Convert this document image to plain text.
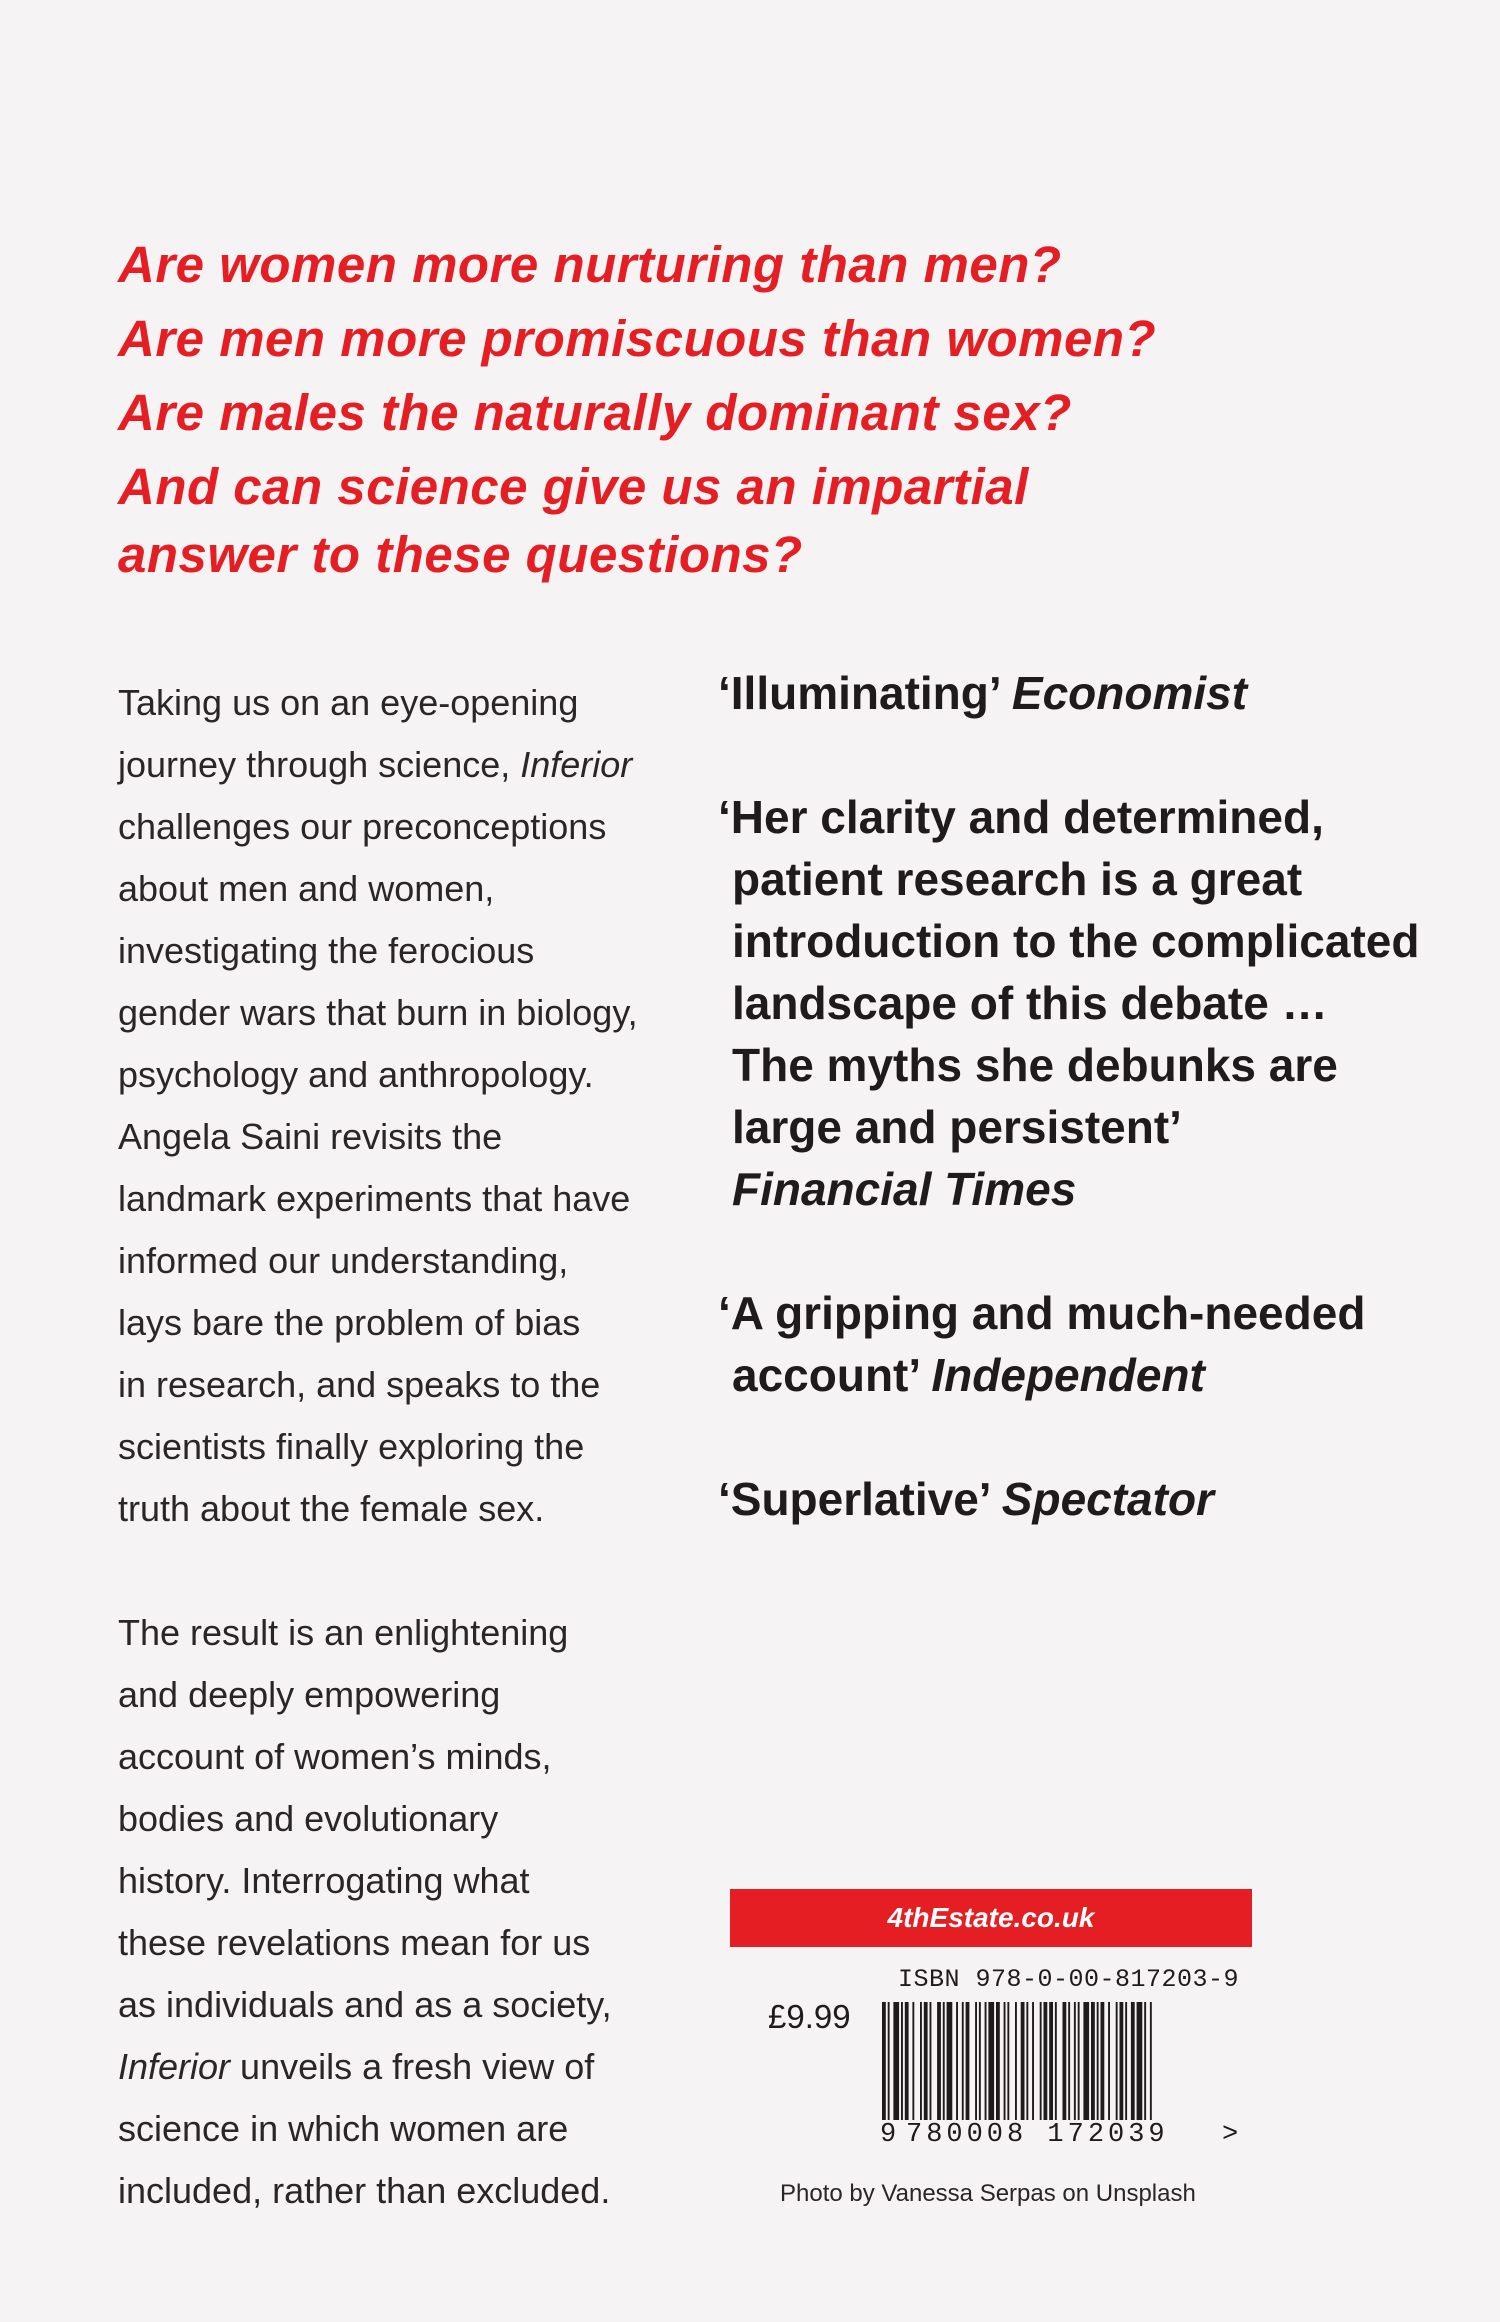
Are women more nurturing than men?
Are men more promiscuous than women?
Are males the naturally dominant sex?
And can science give us an impartial
answer to these questions?

Taking us on an eye-opening
journey through science, Inferior
challenges our preconceptions
about men and women,
investigating the ferocious
gender wars that burn in biology,
psychology and anthropology.
Angela Saini revisits the
landmark experiments that have
informed our understanding,
lays bare the problem of bias
in research, and speaks to the
scientists finally exploring the
truth about the female sex.

The result is an enlightening
and deeply empowering
account of women’s minds,
bodies and evolutionary
history. Interrogating what
these revelations mean for us
as individuals and as a society,
Inferior unveils a fresh view of
science in which women are
included, rather than excluded.

‘Illuminating’ Economist
‘Her clarity and determined,
patient research is a great
introduction to the complicated
landscape of this debate …
The myths she debunks are
large and persistent’
Financial Times
‘A gripping and much-needed
account’ Independent
‘Superlative’ Spectator
4thEstate.co.uk
ISBN 978-0-00-817203-9
£9.99
9 780008 172039 >
Photo by Vanessa Serpas on Unsplash
